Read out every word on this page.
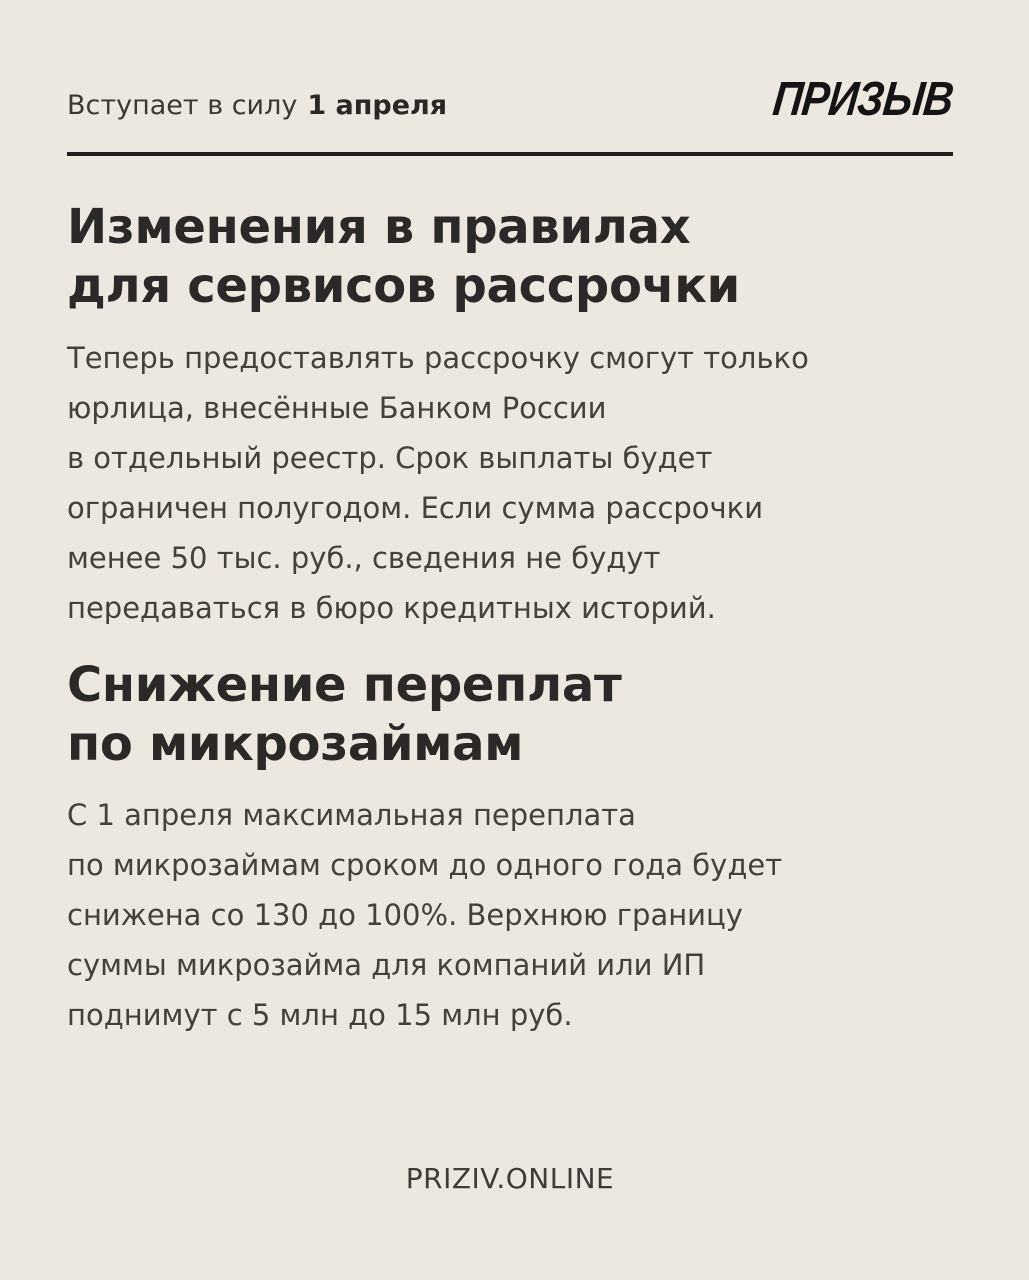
Вступает в силу 1 апреля	ПРИЗЫВ
Изменения в правилах
для сервисов рассрочки

Теперь предоставлять рассрочку смогут только
юрлица, внесённые Банком России
в отдельный реестр. Срок выплаты будет
ограничен полугодом. Если сумма рассрочки
менее 50 тыс. руб., сведения не будут
передаваться в бюро кредитных историй.

Снижение переплат
по микрозаймам

С 1 апреля максимальная переплата
по микрозаймам сроком до одного года будет
снижена со 130 до 100%. Верхнюю границу
суммы микрозайма для компаний или ИП
поднимут с 5 млн до 15 млн руб.

PRIZIV.ONLINE
